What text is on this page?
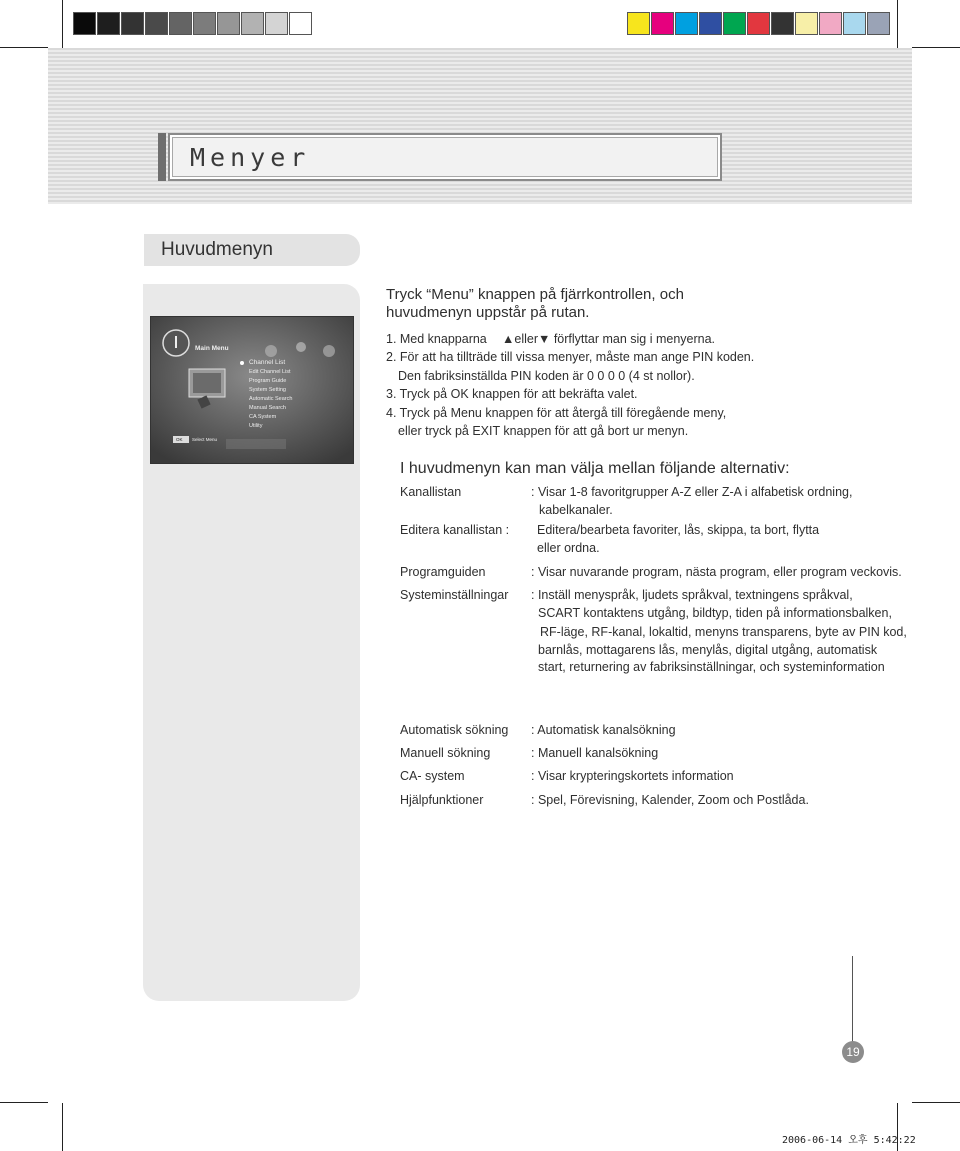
Menyer
Huvudmenyn
Main Menu
Channel List
Edit Channel List
Program Guide
System Setting
Automatic Search
Manual Search
CA System
Utility
OK Select Menu
Tryck “Menu” knappen på fjärrkontrollen, och
huvudmenyn uppstår på rutan.
1. Med knapparna ▲eller▼ förflyttar man sig i menyerna.
2. För att ha tillträde till vissa menyer, måste man ange PIN koden.
Den fabriksinställda PIN koden är 0 0 0 0 (4 st nollor).
3. Tryck på OK knappen för att bekräfta valet.
4. Tryck på Menu knappen för att återgå till föregående meny,
eller tryck på EXIT knappen för att gå bort ur menyn.
I huvudmenyn kan man välja mellan följande alternativ:
Kanallistan	: Visar 1-8 favoritgrupper A-Z eller Z-A i alfabetisk ordning,
kabelkanaler.
Editera kanallistan : Editera/bearbeta favoriter, lås, skippa, ta bort, flytta
eller ordna.
Programguiden	: Visar nuvarande program, nästa program, eller program veckovis.
Systeminställningar : Inställ menyspråk, ljudets språkval, textningens språkval,
SCART kontaktens utgång, bildtyp, tiden på informationsbalken,
RF-läge, RF-kanal, lokaltid, menyns transparens, byte av PIN kod,
barnlås, mottagarens lås, menylås, digital utgång, automatisk
start, returnering av fabriksinställningar, och systeminformation
Automatisk sökning : Automatisk kanalsökning
Manuell sökning	: Manuell kanalsökning
CA- system	: Visar krypteringskortets information
Hjälpfunktioner	: Spel, Förevisning, Kalender, Zoom och Postlåda.
19
2006-06-14 오후 5:42:22
